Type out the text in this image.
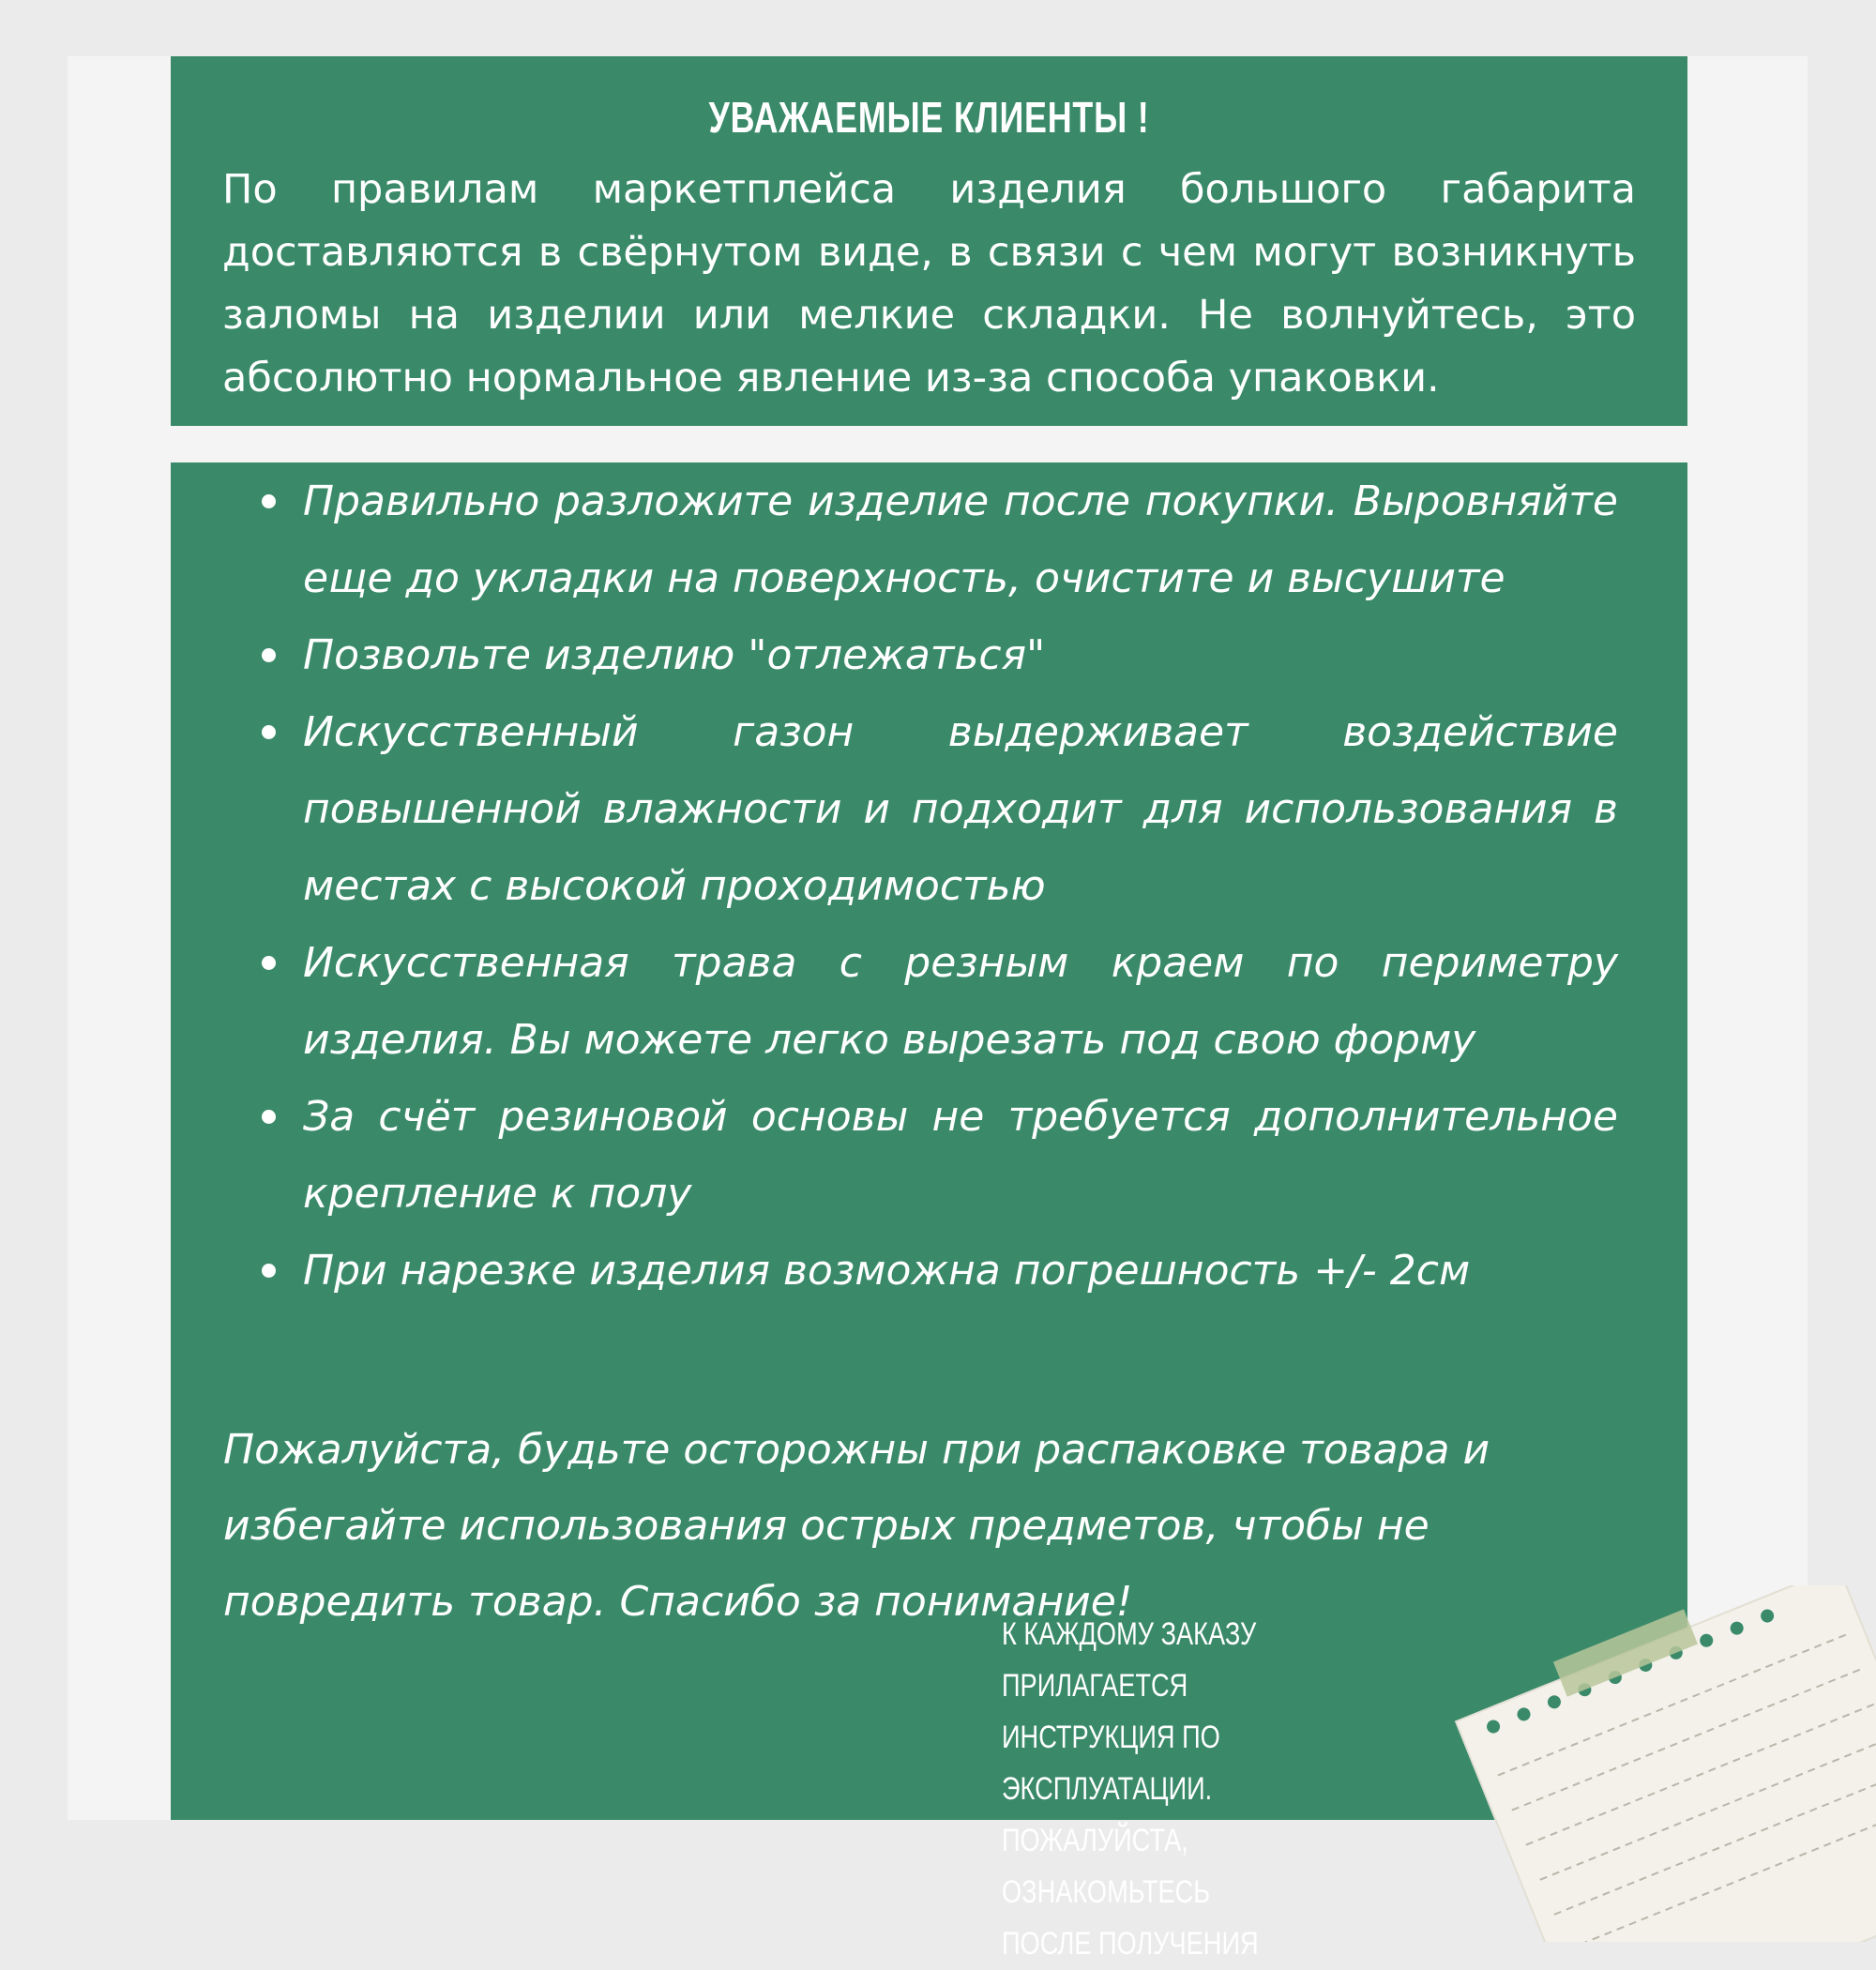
УВАЖАЕМЫЕ КЛИЕНТЫ !

По правилам маркетплейса изделия большого габарита доставляются в свёрнутом виде, в связи с чем могут возникнуть заломы на изделии или мелкие складки. Не волнуйтесь, это абсолютно нормальное явление из-за способа упаковки.

Правильно разложите изделие после покупки. Выровняйте еще до укладки на поверхность, очистите и высушите
Позвольте изделию "отлежаться"
Искусственный газон выдерживает воздействие повышенной влажности и подходит для использования в местах с высокой проходимостью
Искусственная трава с резным краем по периметру изделия. Вы можете легко вырезать под свою форму
За счёт резиновой основы не требуется дополнительное крепление к полу
При нарезке изделия возможна погрешность +/- 2см

Пожалуйста, будьте осторожны при распаковке товара и избегайте использования острых предметов, чтобы не повредить товар. Спасибо за понимание!

К КАЖДОМУ ЗАКАЗУ ПРИЛАГАЕТСЯ
ИНСТРУКЦИЯ ПО ЭКСПЛУАТАЦИИ.
ПОЖАЛУЙСТА, ОЗНАКОМЬТЕСЬ
ПОСЛЕ ПОЛУЧЕНИЯ
